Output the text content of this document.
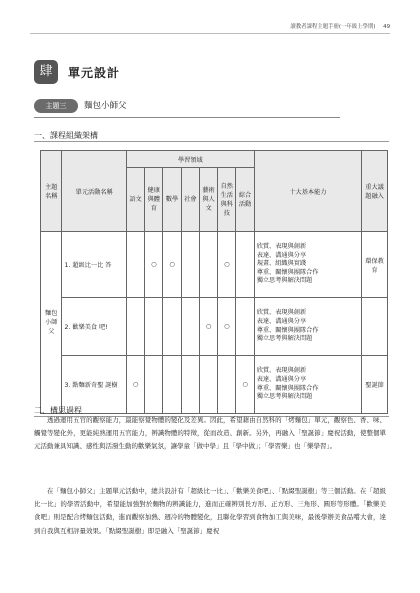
讀教者課程主題手冊(一年級上學期) 49
肆	單元設計
主題三	麵包小師父
一、課程組織架構
主題名稱	單元活動名稱	學習領域							十大基本能力	重大議題融入
		語文	健康與體育	數學	社會	藝術與人文	自然生活與科技	綜合活動		
麵包小師父	1. 超級比一比 答		○	○			○		欣賞、表現與創新
表達、溝通與分享
規畫、組織與實踐
尊重、關懷與團隊合作
獨立思考與解決問題	環保教育
	2. 歡樂美食 吧!					○	○		欣賞、表現與創新
表達、溝通與分享
尊重、關懷與團隊合作
獨立思考與解決問題	

	3. 點麵新奇聖 誕樹	○						○	欣賞、表現與創新
表達、溝通與分享
尊重、關懷與團隊合作
獨立思考與解決問題	聖誕節
二、構思過程

透過運用五官的觀察能力，最能察覺物體的變化及差異。因此，希望藉由自然科的「烤麵包」單元，觀察色、香、味、觸覺等變化外，更能純熟運用五官能力，辨識物體的特徵，從而改造、創新。另外，再融入「聖誕節」慶祝活動，使整個單元活動兼具知識、感性與活潑生動的歡樂氣氛，讓學童「做中學」且「學中做」；「學習樂」也「樂學習」。

在「麵包小師父」主題單元活動中，總共設計有「超級比一比」、「歡樂美食吧」、「點綴聖誕樹」等三個活動。在「超級比一比」的學習活動中，希望能加強對於麵物的辨識能力，進而正確辨別長方形、正方形、三角形、圓形等形體。「歡樂美食吧」則是配合烤麵包活動，進而觀察加熱、週冷的物體變化，且聯化學習到食物加工與美味，最後學辦美食品嚐大會，達到自我與互相評量效果。「點綴聖誕樹」即是融入「聖誕節」慶祝
